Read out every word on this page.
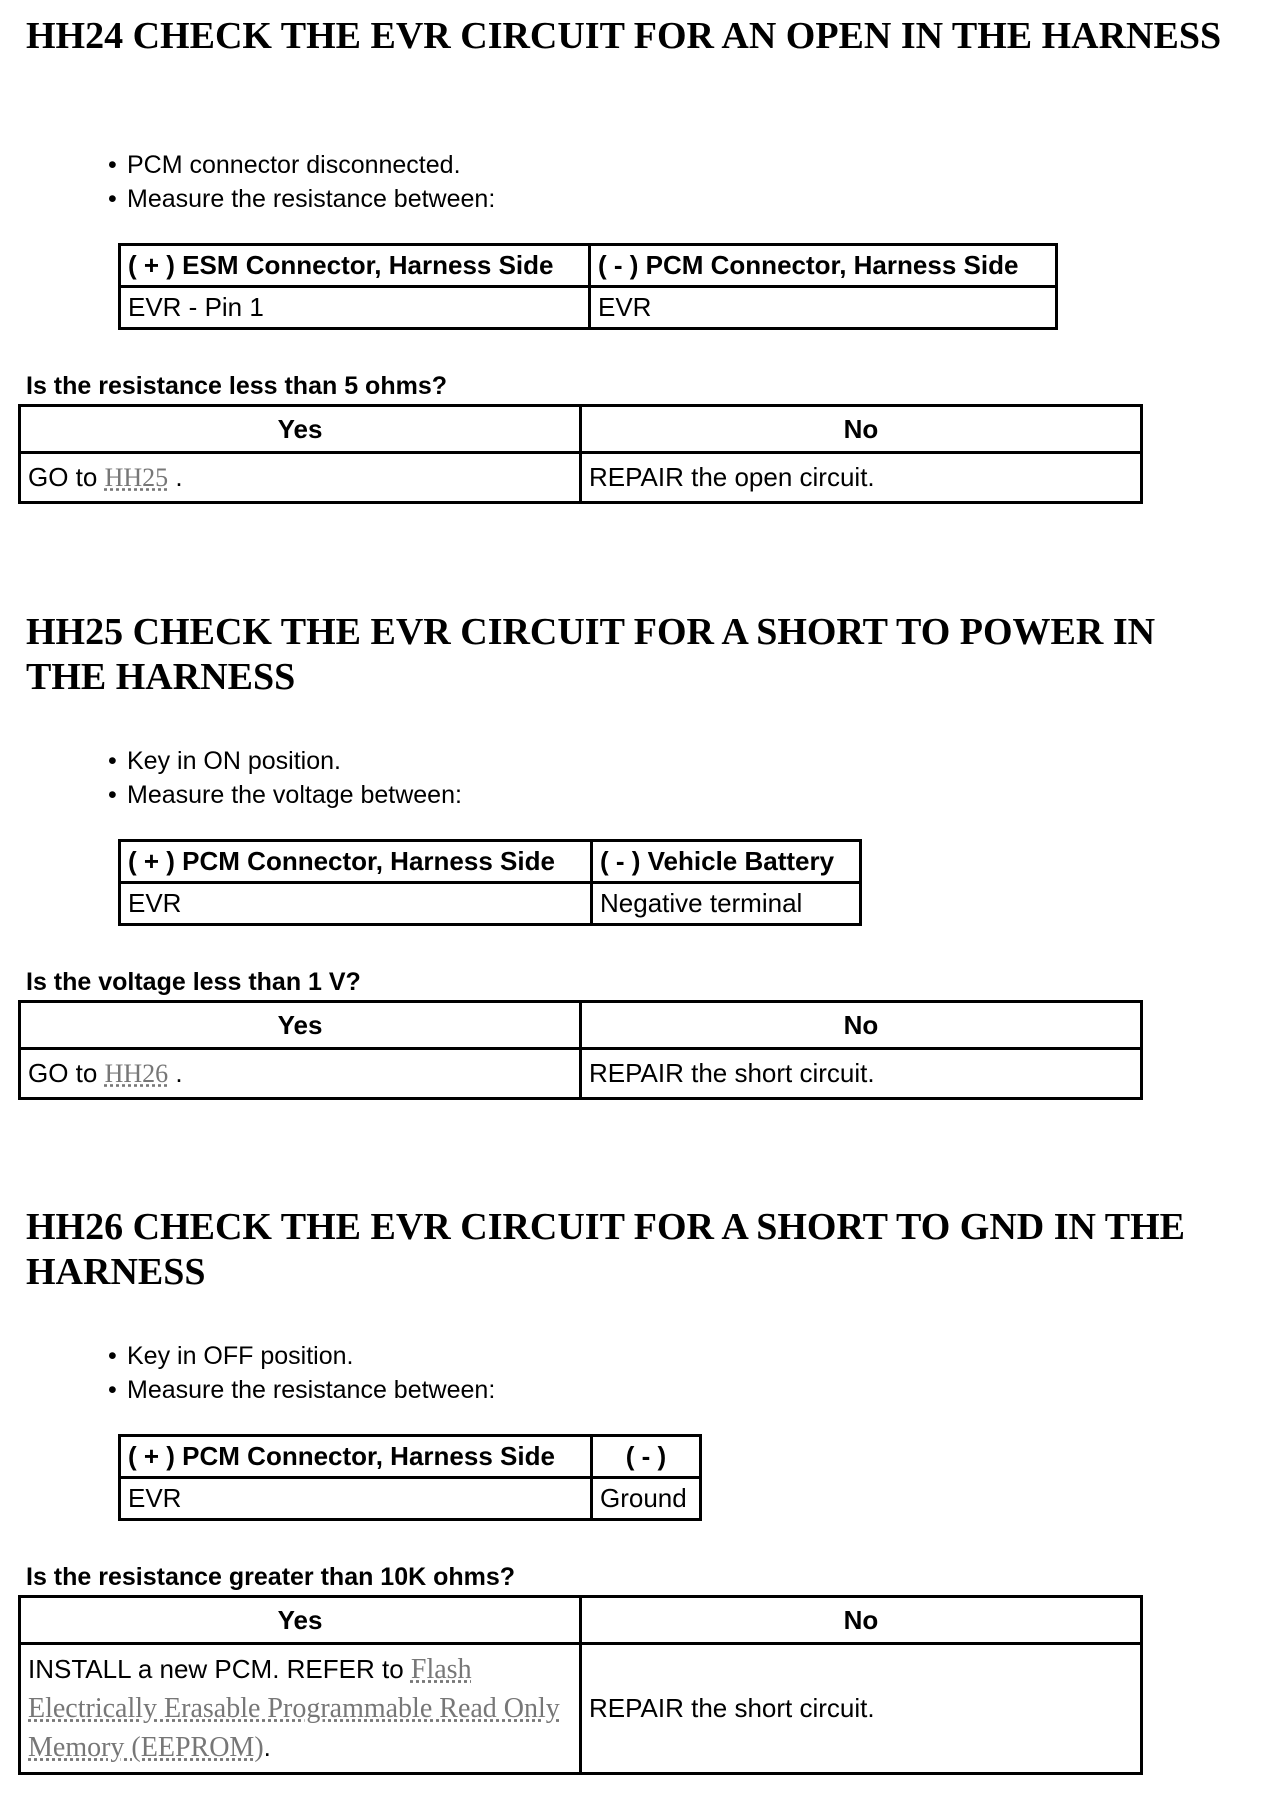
HH24 CHECK THE EVR CIRCUIT FOR AN OPEN IN THE HARNESS
• PCM connector disconnected.
• Measure the resistance between:
( + ) ESM Connector, Harness Side	( - ) PCM Connector, Harness Side
EVR - Pin 1	EVR
Is the resistance less than 5 ohms?
Yes	No
GO to HH25 .	REPAIR the open circuit.
HH25 CHECK THE EVR CIRCUIT FOR A SHORT TO POWER IN THE HARNESS
• Key in ON position.
• Measure the voltage between:
( + ) PCM Connector, Harness Side	( - ) Vehicle Battery
EVR	Negative terminal
Is the voltage less than 1 V?
Yes	No
GO to HH26 .	REPAIR the short circuit.
HH26 CHECK THE EVR CIRCUIT FOR A SHORT TO GND IN THE HARNESS
• Key in OFF position.
• Measure the resistance between:
( + ) PCM Connector, Harness Side	( - )
EVR	Ground
Is the resistance greater than 10K ohms?
Yes	No
INSTALL a new PCM. REFER to Flash Electrically Erasable Programmable Read Only Memory (EEPROM).	REPAIR the short circuit.
